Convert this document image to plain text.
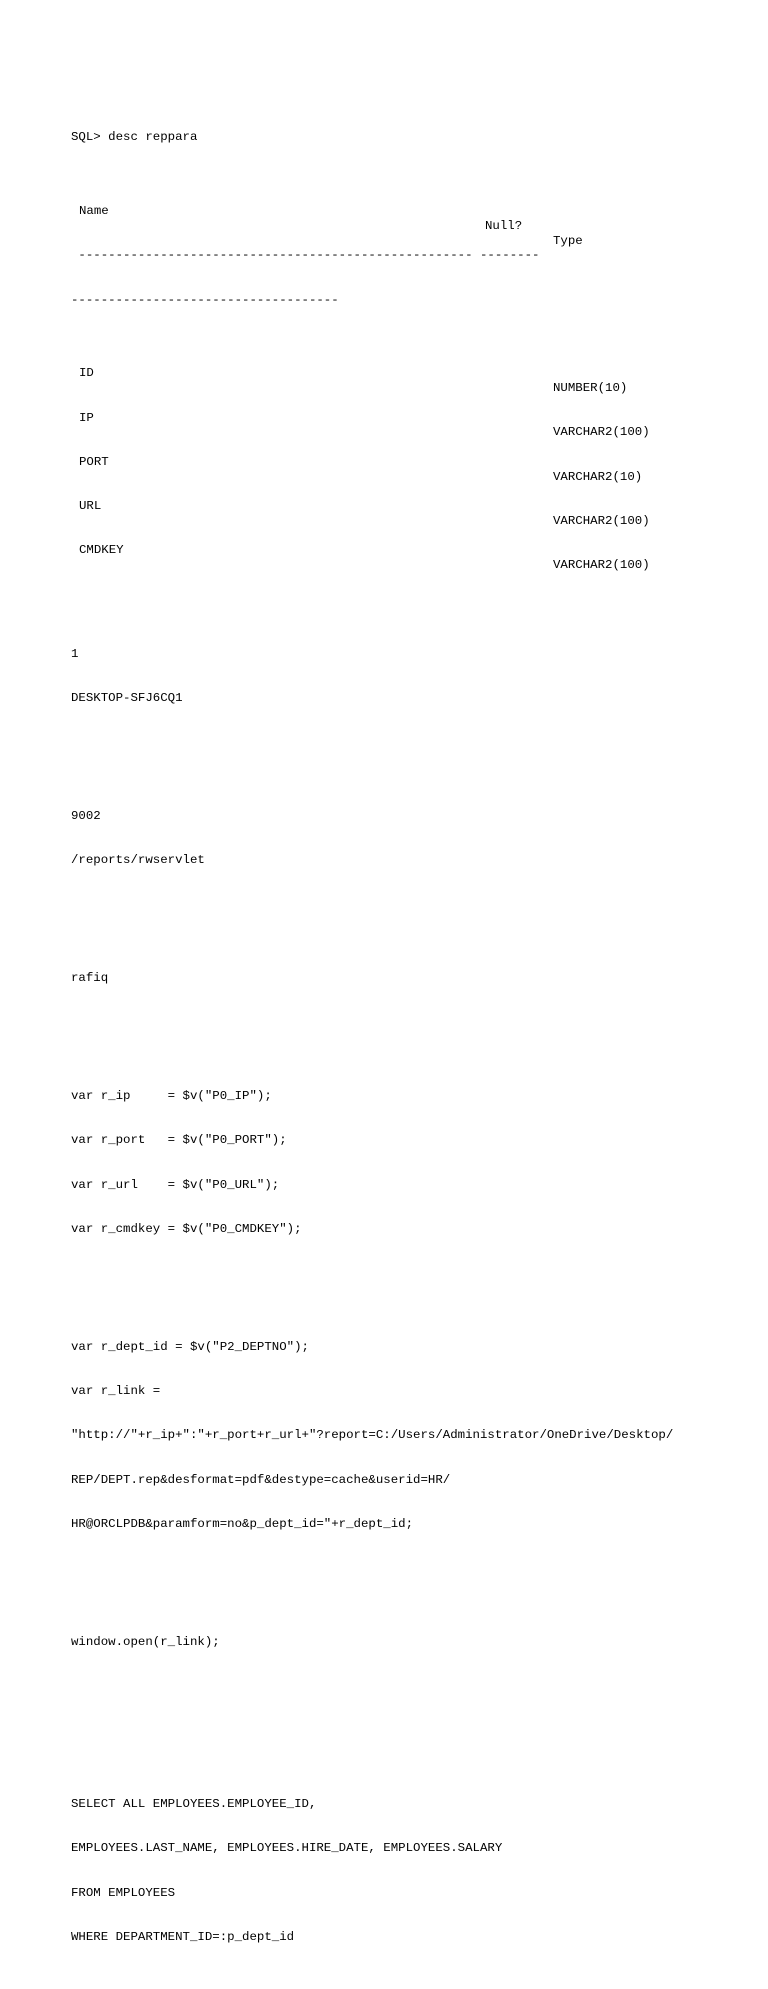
SQL> desc reppara

Name

Null?

Type

----------------------------------------------------- --------

------------------------------------

ID

NUMBER(10)

IP

VARCHAR2(100)

PORT

VARCHAR2(10)

URL

VARCHAR2(100)

CMDKEY

VARCHAR2(100)

1

DESKTOP-SFJ6CQ1

9002

/reports/rwservlet

rafiq

var r_ip     = $v("P0_IP");

var r_port   = $v("P0_PORT");

var r_url    = $v("P0_URL");

var r_cmdkey = $v("P0_CMDKEY");

var r_dept_id = $v("P2_DEPTNO");

var r_link =

"http://"+r_ip+":"+r_port+r_url+"?report=C:/Users/Administrator/OneDrive/Desktop/

REP/DEPT.rep&desformat=pdf&destype=cache&userid=HR/

HR@ORCLPDB&paramform=no&p_dept_id="+r_dept_id;

window.open(r_link);

SELECT ALL EMPLOYEES.EMPLOYEE_ID,

EMPLOYEES.LAST_NAME, EMPLOYEES.HIRE_DATE, EMPLOYEES.SALARY

FROM EMPLOYEES

WHERE DEPARTMENT_ID=:p_dept_id
